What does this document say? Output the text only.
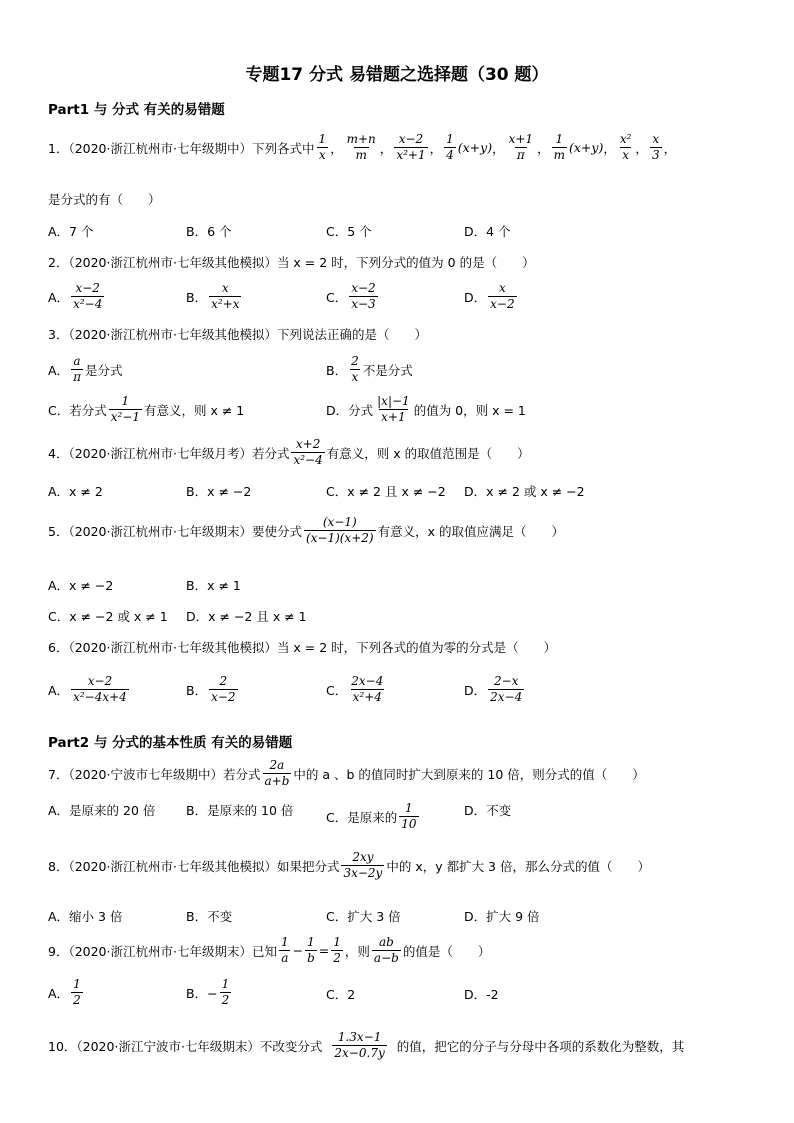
专题17 分式 易错题之选择题（30 题）
Part1 与 分式 有关的易错题
1．（2020·浙江杭州市·七年级期中）下列各式中 $\frac{1}{x}$ ， $\frac{m+n}{m}$ ， $\frac{x-2}{\text{x²+1}}$ ， $\frac{1}{4} (x+y)$ ， $\frac{x+1}{\pi}$ ， $\frac{1}{m} (x+y)$ ， $\frac{\text{x²}}{x}$ ， $\frac{x}{3}$ ，
是分式的有（　　）
A．7 个	B．6 个	C．5 个	D．4 个
2．（2020·浙江杭州市·七年级其他模拟）当 x = 2 时，下列分式的值为 0 的是（　　）
A． $\frac{x-2}{\text{x²−4}}$	B． $\frac{x}{\text{x²+x}}$	C． $\frac{x-2}{x-3}$	D． $\frac{x}{x-2}$
3．（2020·浙江杭州市·七年级其他模拟）下列说法正确的是（　　）
A． $\frac{a}{\pi}$ 是分式	B． $\frac{2}{x}$ 不是分式
C．若分式 $\frac{1}{\text{x²−1}}$ 有意义，则 x ≠ 1	D．分式 $\frac{|x|-1}{x+1}$ 的值为 0，则 x = 1
4．（2020·浙江杭州市·七年级月考）若分式 $\frac{x+2}{\text{x²−4}}$ 有意义，则 x 的取值范围是（　　）
A．x ≠ 2	B．x ≠ −2	C．x ≠ 2 且 x ≠ −2 D．x ≠ 2 或 x ≠ −2
5．（2020·浙江杭州市·七年级期末）要使分式 $\frac{(x-1)}{(x-1)(x+2)}$ 有意义，x 的取值应满足（　　）
A．x ≠ −2	B．x ≠ 1
C．x ≠ −2 或 x ≠ 1 D．x ≠ −2 且 x ≠ 1
6．（2020·浙江杭州市·七年级其他模拟）当 x = 2 时，下列各式的值为零的分式是（　　）
A． $\frac{x-2}{\text{x²−4x+4}}$	B． $\frac{2}{x-2}$	C． $\frac{2x-4}{\text{x²+4}}$	D． $\frac{2-x}{2x-4}$
Part2 与 分式的基本性质 有关的易错题
7．（2020·宁波市七年级期中）若分式 $\frac{2a}{a+b}$ 中的 a 、b 的值同时扩大到原来的 10 倍，则分式的值（　　）
A．是原来的 20 倍 B．是原来的 10 倍	C．是原来的 $\frac{1}{10}$	D．不变
8．（2020·浙江杭州市·七年级其他模拟）如果把分式 $\frac{2xy}{3x-2y}$ 中的 x，y 都扩大 3 倍，那么分式的值（　　）
A．缩小 3 倍	B．不变	C．扩大 3 倍	D．扩大 9 倍
9．（2020·浙江杭州市·七年级期末）已知 $\frac{1}{a} - \frac{1}{b} = \frac{1}{2}$ ，则 $\frac{ab}{a-b}$ 的值是（　　）
A． $\frac{1}{2}$	B．− $\frac{1}{2}$	C．2	D．-2
10．（2020·浙江宁波市·七年级期末）不改变分式 $\frac{1.3x-1}{2x-0.7y}$ 的值，把它的分子与分母中各项的系数化为整数，其
